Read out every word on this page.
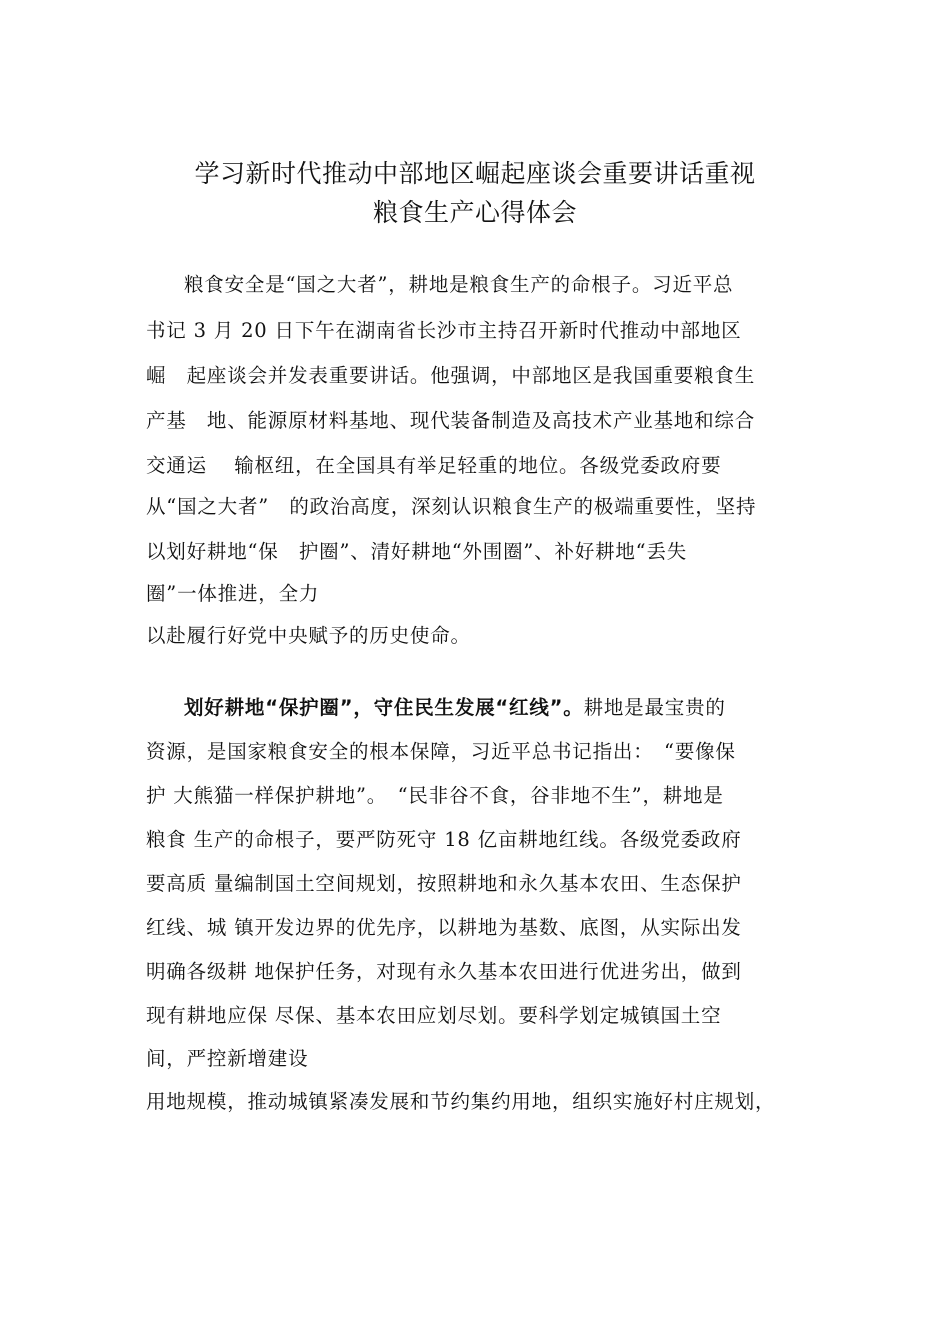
学习新时代推动中部地区崛起座谈会重要讲话重视
粮食生产心得体会
粮食安全是“国之大者”，耕地是粮食生产的命根子。习近平总
书记 3 月 20 日下午在湖南省长沙市主持召开新时代推动中部地区
崛　起座谈会并发表重要讲话。他强调，中部地区是我国重要粮食生
产基　地、能源原材料基地、现代装备制造及高技术产业基地和综合
交通运　 输枢纽，在全国具有举足轻重的地位。各级党委政府要
从“国之大者”　的政治高度，深刻认识粮食生产的极端重要性，坚持
以划好耕地“保　护圈”、清好耕地“外围圈”、补好耕地“丢失
圈”一体推进，全力
以赴履行好党中央赋予的历史使命。
划好耕地“保护圈”，守住民生发展“红线”。耕地是最宝贵的
资源，是国家粮食安全的根本保障，习近平总书记指出：　“要像保
护 大熊猫一样保护耕地”。　“民非谷不食，谷非地不生”，耕地是
粮食 生产的命根子，要严防死守 18 亿亩耕地红线。各级党委政府
要高质 量编制国土空间规划，按照耕地和永久基本农田、生态保护
红线、城 镇开发边界的优先序，以耕地为基数、底图，从实际出发
明确各级耕 地保护任务，对现有永久基本农田进行优进劣出，做到
现有耕地应保 尽保、基本农田应划尽划。要科学划定城镇国土空
间，严控新增建设
用地规模，推动城镇紧凑发展和节约集约用地，组织实施好村庄规划，
